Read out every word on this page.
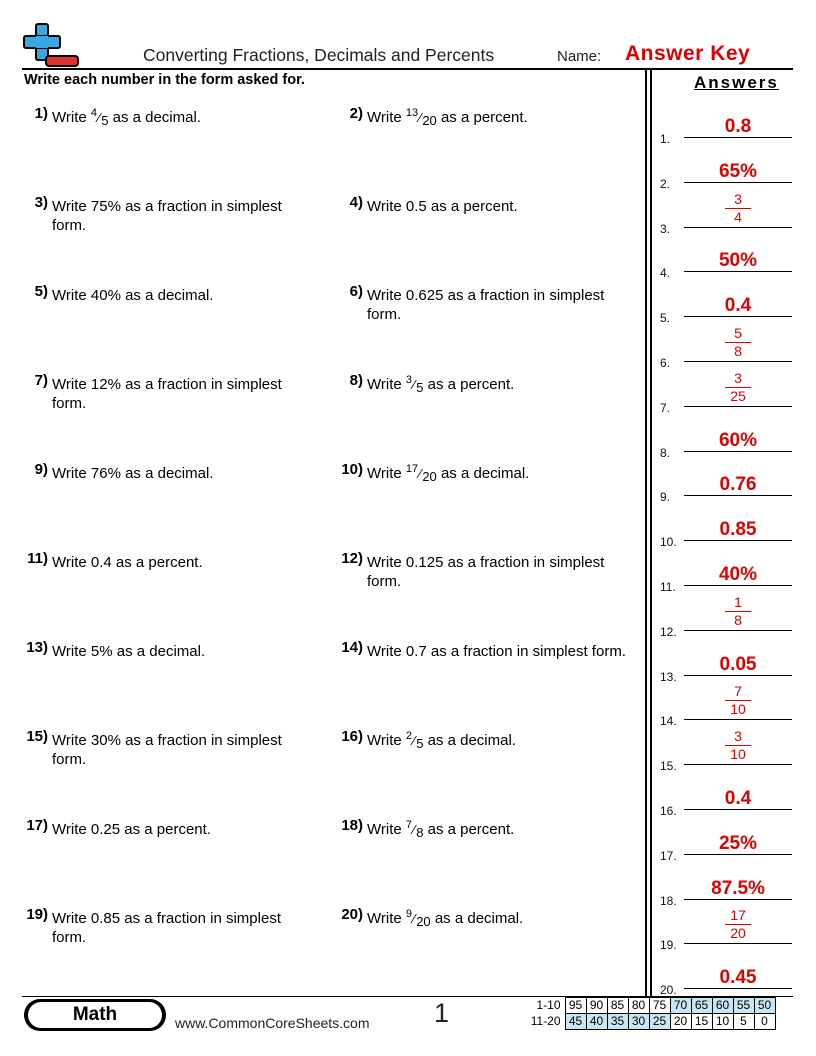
Converting Fractions, Decimals and Percents	Name: Answer Key
Write each number in the form asked for.	Answers
1) Write $^4⁄_5$ as a decimal.	2) Write $^{13}⁄_{20}$ as a percent.
3) Write 75% as a fraction in simplest form.
4) Write 0.5 as a percent.
5) Write 40% as a decimal.	6) Write 0.625 as a fraction in simplest form.
7) Write 12% as a fraction in simplest form.
8) Write $^3⁄_5$ as a percent.
9) Write 76% as a decimal.	10) Write $^{17}⁄_{20}$ as a decimal.
11) Write 0.4 as a percent.	12) Write 0.125 as a fraction in simplest form.
13) Write 5% as a decimal.	14) Write 0.7 as a fraction in simplest form.
15) Write 30% as a fraction in simplest form.
16) Write $^2⁄_5$ as a decimal.
17) Write 0.25 as a percent.	18) Write $^7⁄_8$ as a percent.
19) Write 0.85 as a fraction in simplest form.
20) Write $^9⁄_{20}$ as a decimal.
1.
0.8
2.
65%
3.
3
4
4.
50%
5.
0.4
6.
5
8
7.
3
25
8.
60%
9.
0.76
10.
0.85
11.
40%
12.
1
8
13.
0.05
14.
7
10
15.
3
10
16.
0.4
17.
25%
18.
87.5%
19.
17
20
20.
0.45
Math	www.CommonCoreSheets.com 1	1-10	95	90	85	80	75	70	65	60	55	50
11-20	45	40	35	30	25	20	15	10	5	0
